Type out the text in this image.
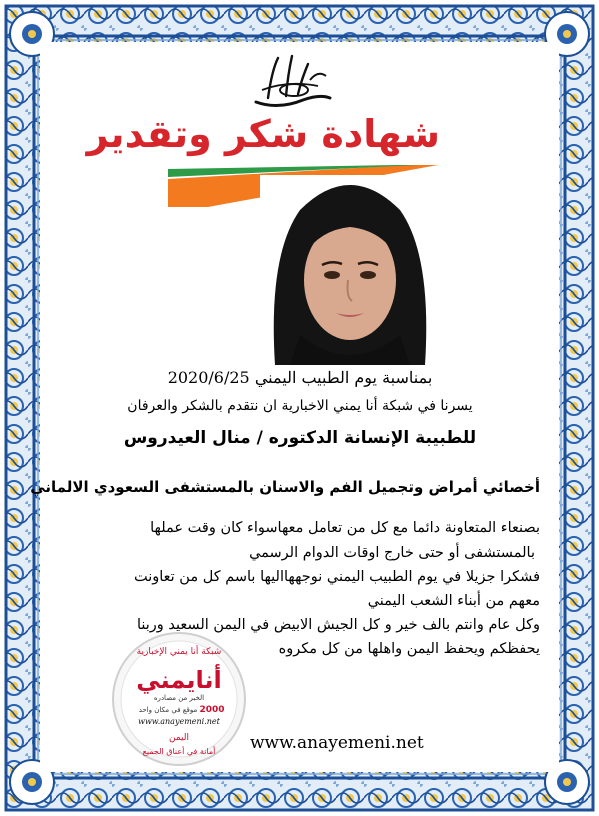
شهادة شكر وتقدير
بمناسبة يوم الطبيب اليمني 2020/6/25
يسرنا في شبكة أنا يمني الاخبارية ان نتقدم بالشكر والعرفان
للطبيبة الإنسانة الدكتوره / منال العيدروس
أخصائي أمراض وتجميل الفم والاسنان بالمستشفى السعودي الالماني
بصنعاء المتعاونة دائما مع كل من تعامل معهاسواء كان وقت عملها
بالمستشفى أو حتى خارج اوقات الدوام الرسمي
فشكرا جزيلا في يوم الطبيب اليمني نوجههااليها باسم كل من تعاونت
معهم من أبناء الشعب اليمني
وكل عام وانتم بالف خير و كل الجيش الابيض في اليمن السعيد وربنا
يحفظكم ويحفظ اليمن واهلها من كل مكروه
شبكة أنا يمني الإخبارية
أنايمني
الخبر من مصادره
2000
موقع في مكان واحد
www.anayemeni.net
اليمن
أمانة في أعناق الجميع www.anayemeni.net
